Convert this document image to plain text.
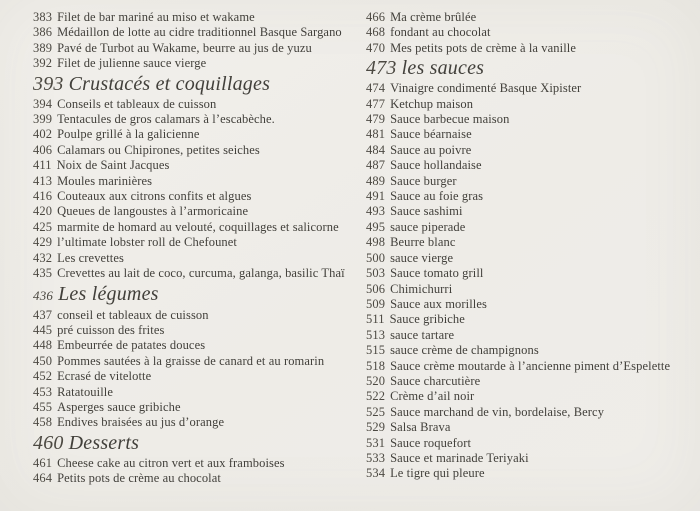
383 Filet de bar mariné au miso et wakame
386 Médaillon de lotte au cidre traditionnel Basque Sargano
389 Pavé de Turbot au Wakame, beurre au jus de yuzu
392 Filet de julienne sauce vierge
393 Crustacés et coquillages
394 Conseils et tableaux de cuisson
399 Tentacules de gros calamars à l’escabèche.
402 Poulpe grillé à la galicienne
406 Calamars ou Chipirones, petites seiches
411 Noix de Saint Jacques
413 Moules marinières
416 Couteaux aux citrons confits et algues
420 Queues de langoustes à l’armoricaine
425 marmite de homard au velouté, coquillages et salicorne
429 l’ultimate lobster roll de Chefounet
432 Les crevettes
435 Crevettes au lait de coco, curcuma, galanga, basilic Thaï
436 Les légumes
437 conseil et tableaux de cuisson
445 pré cuisson des frites
448 Embeurrée de patates douces
450 Pommes sautées à la graisse de canard et au romarin
452 Ecrasé de vitelotte
453 Ratatouille
455 Asperges sauce gribiche
458 Endives braisées au jus d’orange
460 Desserts
461 Cheese cake au citron vert et aux framboises
464 Petits pots de crème au chocolat
466 Ma crème brûlée
468 fondant au chocolat
470 Mes petits pots de crème à la vanille
473 les sauces
474 Vinaigre condimenté Basque Xipister
477 Ketchup maison
479 Sauce barbecue maison
481 Sauce béarnaise
484 Sauce au poivre
487 Sauce hollandaise
489 Sauce burger
491 Sauce au foie gras
493 Sauce sashimi
495 sauce piperade
498 Beurre blanc
500 sauce vierge
503 Sauce tomato grill
506 Chimichurri
509 Sauce aux morilles
511 Sauce gribiche
513 sauce tartare
515 sauce crème de champignons
518 Sauce crème moutarde à l’ancienne piment d’Espelette
520 Sauce charcutière
522 Crème d’ail noir
525 Sauce marchand de vin, bordelaise, Bercy
529 Salsa Brava
531 Sauce roquefort
533 Sauce et marinade Teriyaki
534 Le tigre qui pleure
